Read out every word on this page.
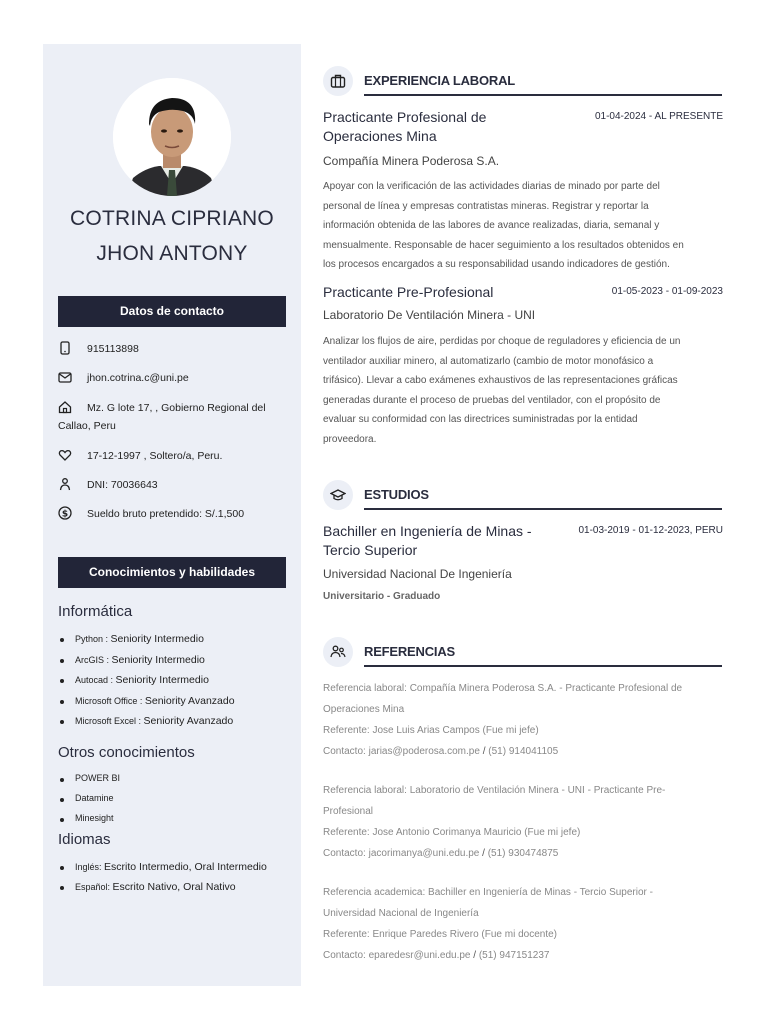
COTRINA CIPRIANO
JHON ANTONY
Datos de contacto
915113898
jhon.cotrina.c@uni.pe
Mz. G lote 17, , Gobierno Regional del Callao, Peru
17-12-1997 , Soltero/a, Peru.
DNI: 70036643
$	Sueldo bruto pretendido: S/.1,500
Conocimientos y habilidades
Informática
Python : Seniority Intermedio
ArcGIS : Seniority Intermedio
Autocad : Seniority Intermedio
Microsoft Office : Seniority Avanzado
Microsoft Excel : Seniority Avanzado
Otros conocimientos
POWER BI
Datamine
Minesight
Idiomas
Inglés: Escrito Intermedio, Oral Intermedio
Español: Escrito Nativo, Oral Nativo
EXPERIENCIA LABORAL
Practicante Profesional de
Operaciones Mina
01-04-2024 - AL PRESENTE
Compañía Minera Poderosa S.A.
Apoyar con la verificación de las actividades diarias de minado por parte del
personal de línea y empresas contratistas mineras. Registrar y reportar la
información obtenida de las labores de avance realizadas, diaria, semanal y
mensualmente. Responsable de hacer seguimiento a los resultados obtenidos en
los procesos encargados a su responsabilidad usando indicadores de gestión.
Practicante Pre-Profesional	01-05-2023 - 01-09-2023
Laboratorio De Ventilación Minera - UNI
Analizar los flujos de aire, perdidas por choque de reguladores y eficiencia de un
ventilador auxiliar minero, al automatizarlo (cambio de motor monofásico a
trifásico). Llevar a cabo exámenes exhaustivos de las representaciones gráficas
generadas durante el proceso de pruebas del ventilador, con el propósito de
evaluar su conformidad con las directrices suministradas por la entidad
proveedora.
ESTUDIOS
Bachiller en Ingeniería de Minas -
Tercio Superior
01-03-2019 - 01-12-2023, PERU
Universidad Nacional De Ingeniería
Universitario - Graduado
REFERENCIAS
Referencia laboral: Compañía Minera Poderosa S.A. - Practicante Profesional de
Operaciones Mina
Referente: Jose Luis Arias Campos (Fue mi jefe)
Contacto: jarias@poderosa.com.pe / (51) 914041105
Referencia laboral: Laboratorio de Ventilación Minera - UNI - Practicante Pre-
Profesional
Referente: Jose Antonio Corimanya Mauricio (Fue mi jefe)
Contacto: jacorimanya@uni.edu.pe / (51) 930474875
Referencia academica: Bachiller en Ingeniería de Minas - Tercio Superior -
Universidad Nacional de Ingeniería
Referente: Enrique Paredes Rivero (Fue mi docente)
Contacto: eparedesr@uni.edu.pe / (51) 947151237
